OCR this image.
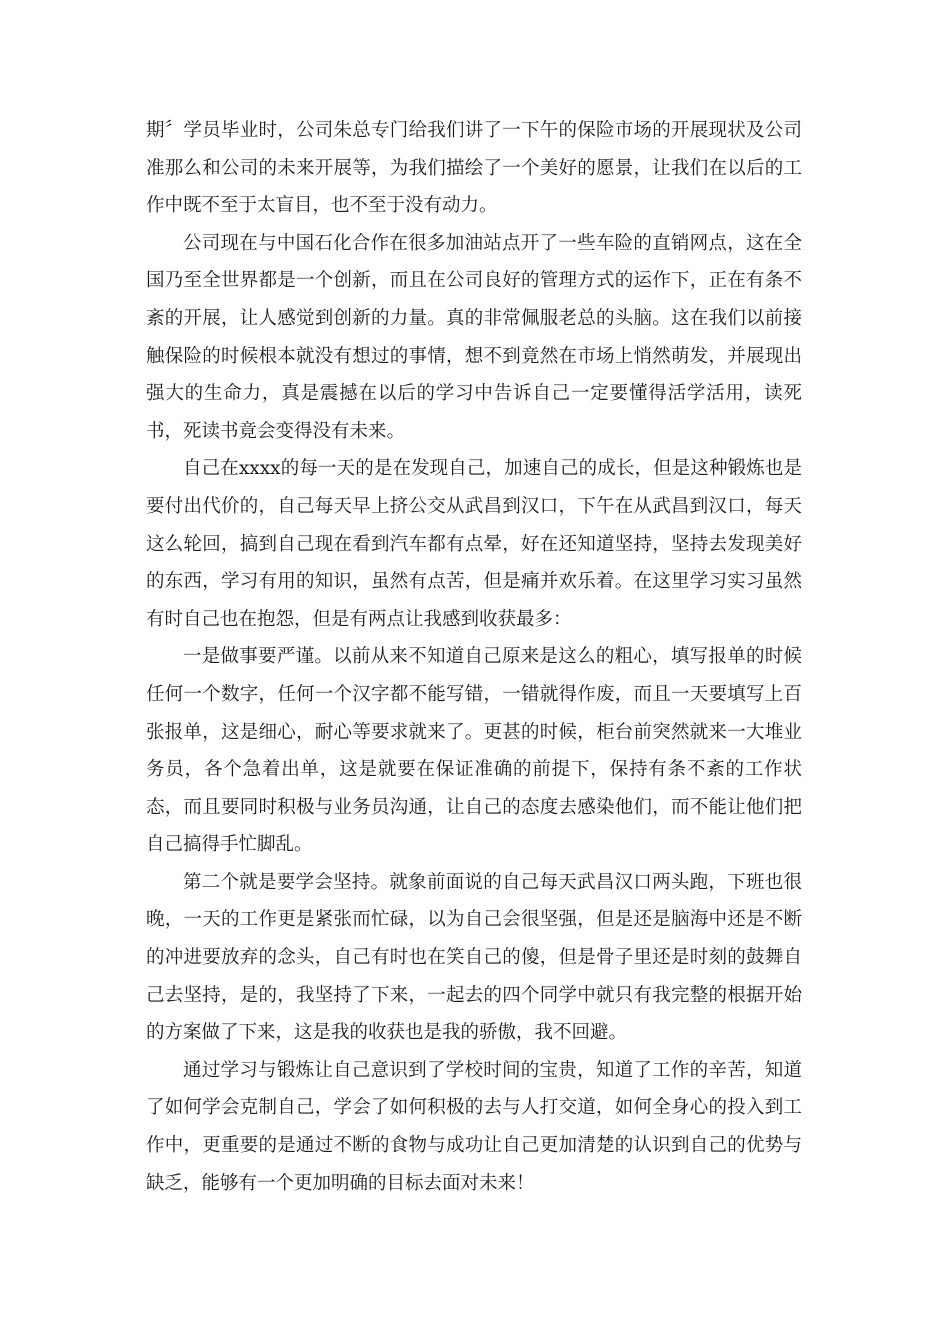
期〞学员毕业时，公司朱总专门给我们讲了一下午的保险市场的开展现状及公司准那么和公司的未来开展等，为我们描绘了一个美好的愿景，让我们在以后的工作中既不至于太盲目，也不至于没有动力。

公司现在与中国石化合作在很多加油站点开了一些车险的直销网点，这在全国乃至全世界都是一个创新，而且在公司良好的管理方式的运作下，正在有条不紊的开展，让人感觉到创新的力量。真的非常佩服老总的头脑。这在我们以前接触保险的时候根本就没有想过的事情，想不到竟然在市场上悄然萌发，并展现出强大的生命力，真是震撼在以后的学习中告诉自己一定要懂得活学活用，读死书，死读书竟会变得没有未来。

自己在xxxx的每一天的是在发现自己，加速自己的成长，但是这种锻炼也是要付出代价的，自己每天早上挤公交从武昌到汉口，下午在从武昌到汉口，每天这么轮回，搞到自己现在看到汽车都有点晕，好在还知道坚持，坚持去发现美好的东西，学习有用的知识，虽然有点苦，但是痛并欢乐着。在这里学习实习虽然有时自己也在抱怨，但是有两点让我感到收获最多：

一是做事要严谨。以前从来不知道自己原来是这么的粗心，填写报单的时候任何一个数字，任何一个汉字都不能写错，一错就得作废，而且一天要填写上百张报单，这是细心，耐心等要求就来了。更甚的时候，柜台前突然就来一大堆业务员，各个急着出单，这是就要在保证准确的前提下，保持有条不紊的工作状态，而且要同时积极与业务员沟通，让自己的态度去感染他们，而不能让他们把自己搞得手忙脚乱。

第二个就是要学会坚持。就象前面说的自己每天武昌汉口两头跑，下班也很晚，一天的工作更是紧张而忙碌，以为自己会很坚强，但是还是脑海中还是不断的冲进要放弃的念头，自己有时也在笑自己的傻，但是骨子里还是时刻的鼓舞自己去坚持，是的，我坚持了下来，一起去的四个同学中就只有我完整的根据开始的方案做了下来，这是我的收获也是我的骄傲，我不回避。

通过学习与锻炼让自己意识到了学校时间的宝贵，知道了工作的辛苦，知道了如何学会克制自己，学会了如何积极的去与人打交道，如何全身心的投入到工作中，更重要的是通过不断的食物与成功让自己更加清楚的认识到自己的优势与缺乏，能够有一个更加明确的目标去面对未来！
